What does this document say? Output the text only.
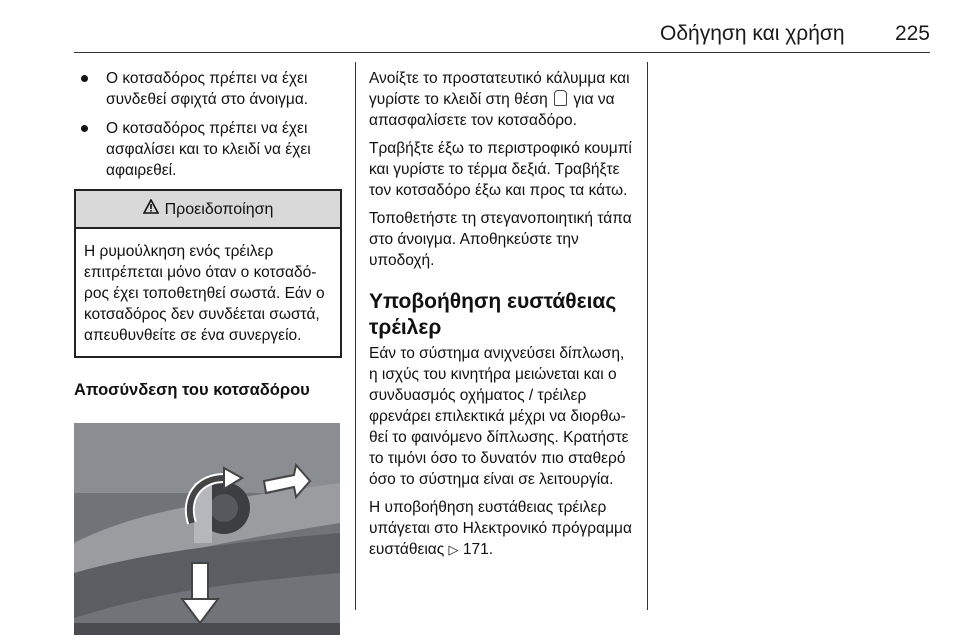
Οδήγηση και χρήση 225
Ο κοτσαδόρος πρέπει να έχει συνδεθεί σφιχτά στο άνοιγμα.
Ο κοτσαδόρος πρέπει να έχει ασφαλίσει και το κλειδί να έχει αφαιρεθεί.
Προειδοποίηση
Η ρυμούλκηση ενός τρέιλερ επιτρέπεται μόνο όταν ο κοτσαδόρος έχει τοποθετηθεί σωστά. Εάν ο κοτσαδόρος δεν συνδέεται σωστά, απευθυνθείτε σε ένα συνεργείο.
Αποσύνδεση του κοτσαδόρου

Ανοίξτε το προστατευτικό κάλυμμα και γυρίστε το κλειδί στη θέση για να απασφαλίσετε τον κοτσαδόρο.

Τραβήξτε έξω το περιστροφικό κουμπί και γυρίστε το τέρμα δεξιά. Τραβήξτε τον κοτσαδόρο έξω και προς τα κάτω.

Τοποθετήστε τη στεγανοποιητική τάπα στο άνοιγμα. Αποθηκεύστε την υποδοχή.

Υποβοήθηση ευστάθειας τρέιλερ

Εάν το σύστημα ανιχνεύσει δίπλωση, η ισχύς του κινητήρα μειώνεται και ο συνδυασμός οχήματος / τρέιλερ φρενάρει επιλεκτικά μέχρι να διορθωθεί το φαινόμενο δίπλωσης. Κρατήστε το τιμόνι όσο το δυνατόν πιο σταθερό όσο το σύστημα είναι σε λειτουργία.

Η υποβοήθηση ευστάθειας τρέιλερ υπάγεται στο Ηλεκτρονικό πρόγραμμα ευστάθειας ▷ 171.
